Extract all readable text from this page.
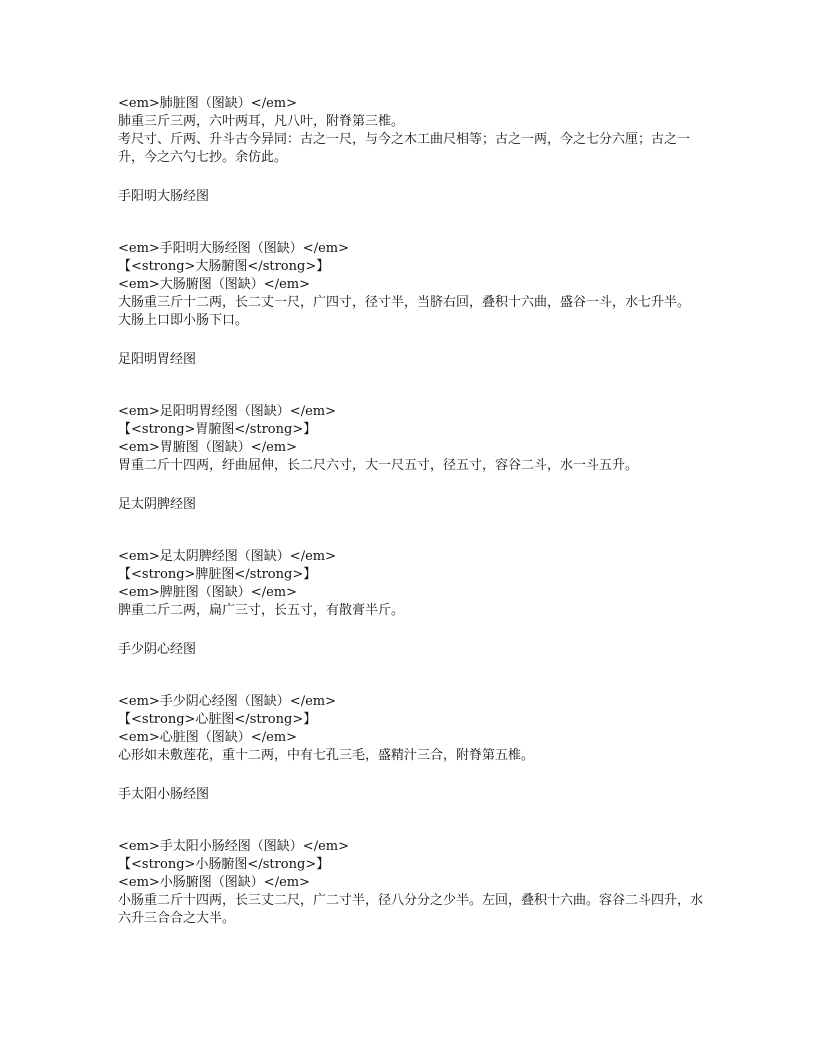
<em>肺脏图（图缺）</em>

肺重三斤三两，六叶两耳，凡八叶，附脊第三椎。

考尺寸、斤两、升斗古今异同：古之一尺，与今之木工曲尺相等；古之一两，今之七分六厘；古之一升，今之六勺七抄。余仿此。

手阳明大肠经图

<em>手阳明大肠经图（图缺）</em>

【<strong>大肠腑图</strong>】

<em>大肠腑图（图缺）</em>

大肠重三斤十二两，长二丈一尺，广四寸，径寸半，当脐右回，叠积十六曲，盛谷一斗，水七升半。

大肠上口即小肠下口。

足阳明胃经图

<em>足阳明胃经图（图缺）</em>

【<strong>胃腑图</strong>】

<em>胃腑图（图缺）</em>

胃重二斤十四两，纡曲屈伸，长二尺六寸，大一尺五寸，径五寸，容谷二斗，水一斗五升。

足太阴脾经图

<em>足太阴脾经图（图缺）</em>

【<strong>脾脏图</strong>】

<em>脾脏图（图缺）</em>

脾重二斤二两，扁广三寸，长五寸，有散膏半斤。

手少阴心经图

<em>手少阴心经图（图缺）</em>

【<strong>心脏图</strong>】

<em>心脏图（图缺）</em>

心形如未敷莲花，重十二两，中有七孔三毛，盛精汁三合，附脊第五椎。

手太阳小肠经图

<em>手太阳小肠经图（图缺）</em>

【<strong>小肠腑图</strong>】

<em>小肠腑图（图缺）</em>

小肠重二斤十四两，长三丈二尺，广二寸半，径八分分之少半。左回，叠积十六曲。容谷二斗四升，水六升三合合之大半。
